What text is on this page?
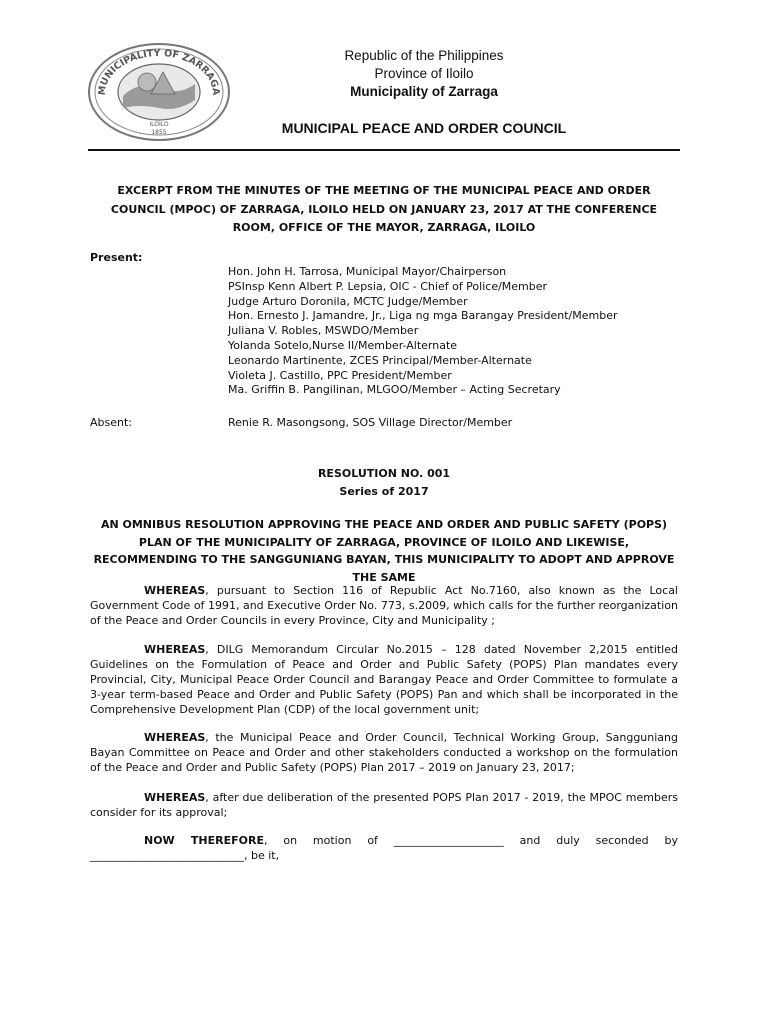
MUNICIPALITY OF ZARRAGA
ILOILO
1855
Republic of the Philippines
Province of Iloilo
Municipality of Zarraga
MUNICIPAL PEACE AND ORDER COUNCIL
EXCERPT FROM THE MINUTES OF THE MEETING OF THE MUNICIPAL PEACE AND ORDER COUNCIL (MPOC) OF ZARRAGA, ILOILO HELD ON JANUARY 23, 2017 AT THE CONFERENCE ROOM, OFFICE OF THE MAYOR, ZARRAGA, ILOILO
Present:
Hon. John H. Tarrosa, Municipal Mayor/Chairperson
PSInsp Kenn Albert P. Lepsia, OIC - Chief of Police/Member
Judge Arturo Doronila, MCTC Judge/Member
Hon. Ernesto J. Jamandre, Jr., Liga ng mga Barangay President/Member
Juliana V. Robles, MSWDO/Member
Yolanda Sotelo,Nurse II/Member-Alternate
Leonardo Martinente, ZCES Principal/Member-Alternate
Violeta J. Castillo, PPC President/Member
Ma. Griffin B. Pangilinan, MLGOO/Member – Acting Secretary
Absent:	Renie R. Masongsong, SOS Village Director/Member
RESOLUTION NO. 001
Series of 2017
AN OMNIBUS RESOLUTION APPROVING THE PEACE AND ORDER AND PUBLIC SAFETY (POPS) PLAN OF THE MUNICIPALITY OF ZARRAGA, PROVINCE OF ILOILO AND LIKEWISE, RECOMMENDING TO THE SANGGUNIANG BAYAN, THIS MUNICIPALITY TO ADOPT AND APPROVE THE SAME
WHEREAS, pursuant to Section 116 of Republic Act No.7160, also known as the Local Government Code of 1991, and Executive Order No. 773, s.2009, which calls for the further reorganization of the Peace and Order Councils in every Province, City and Municipality ;
WHEREAS, DILG Memorandum Circular No.2015 – 128 dated November 2,2015 entitled Guidelines on the Formulation of Peace and Order and Public Safety (POPS) Plan mandates every Provincial, City, Municipal Peace Order Council and Barangay Peace and Order Committee to formulate a 3-year term-based Peace and Order and Public Safety (POPS) Pan and which shall be incorporated in the Comprehensive Development Plan (CDP) of the local government unit;
WHEREAS, the Municipal Peace and Order Council, Technical Working Group, Sangguniang Bayan Committee on Peace and Order and other stakeholders conducted a workshop on the formulation of the Peace and Order and Public Safety (POPS) Plan 2017 – 2019 on January 23, 2017;
WHEREAS, after due deliberation of the presented POPS Plan 2017 - 2019, the MPOC members consider for its approval;
NOW THEREFORE, on motion of ____________________ and duly seconded by ____________________________, be it,
